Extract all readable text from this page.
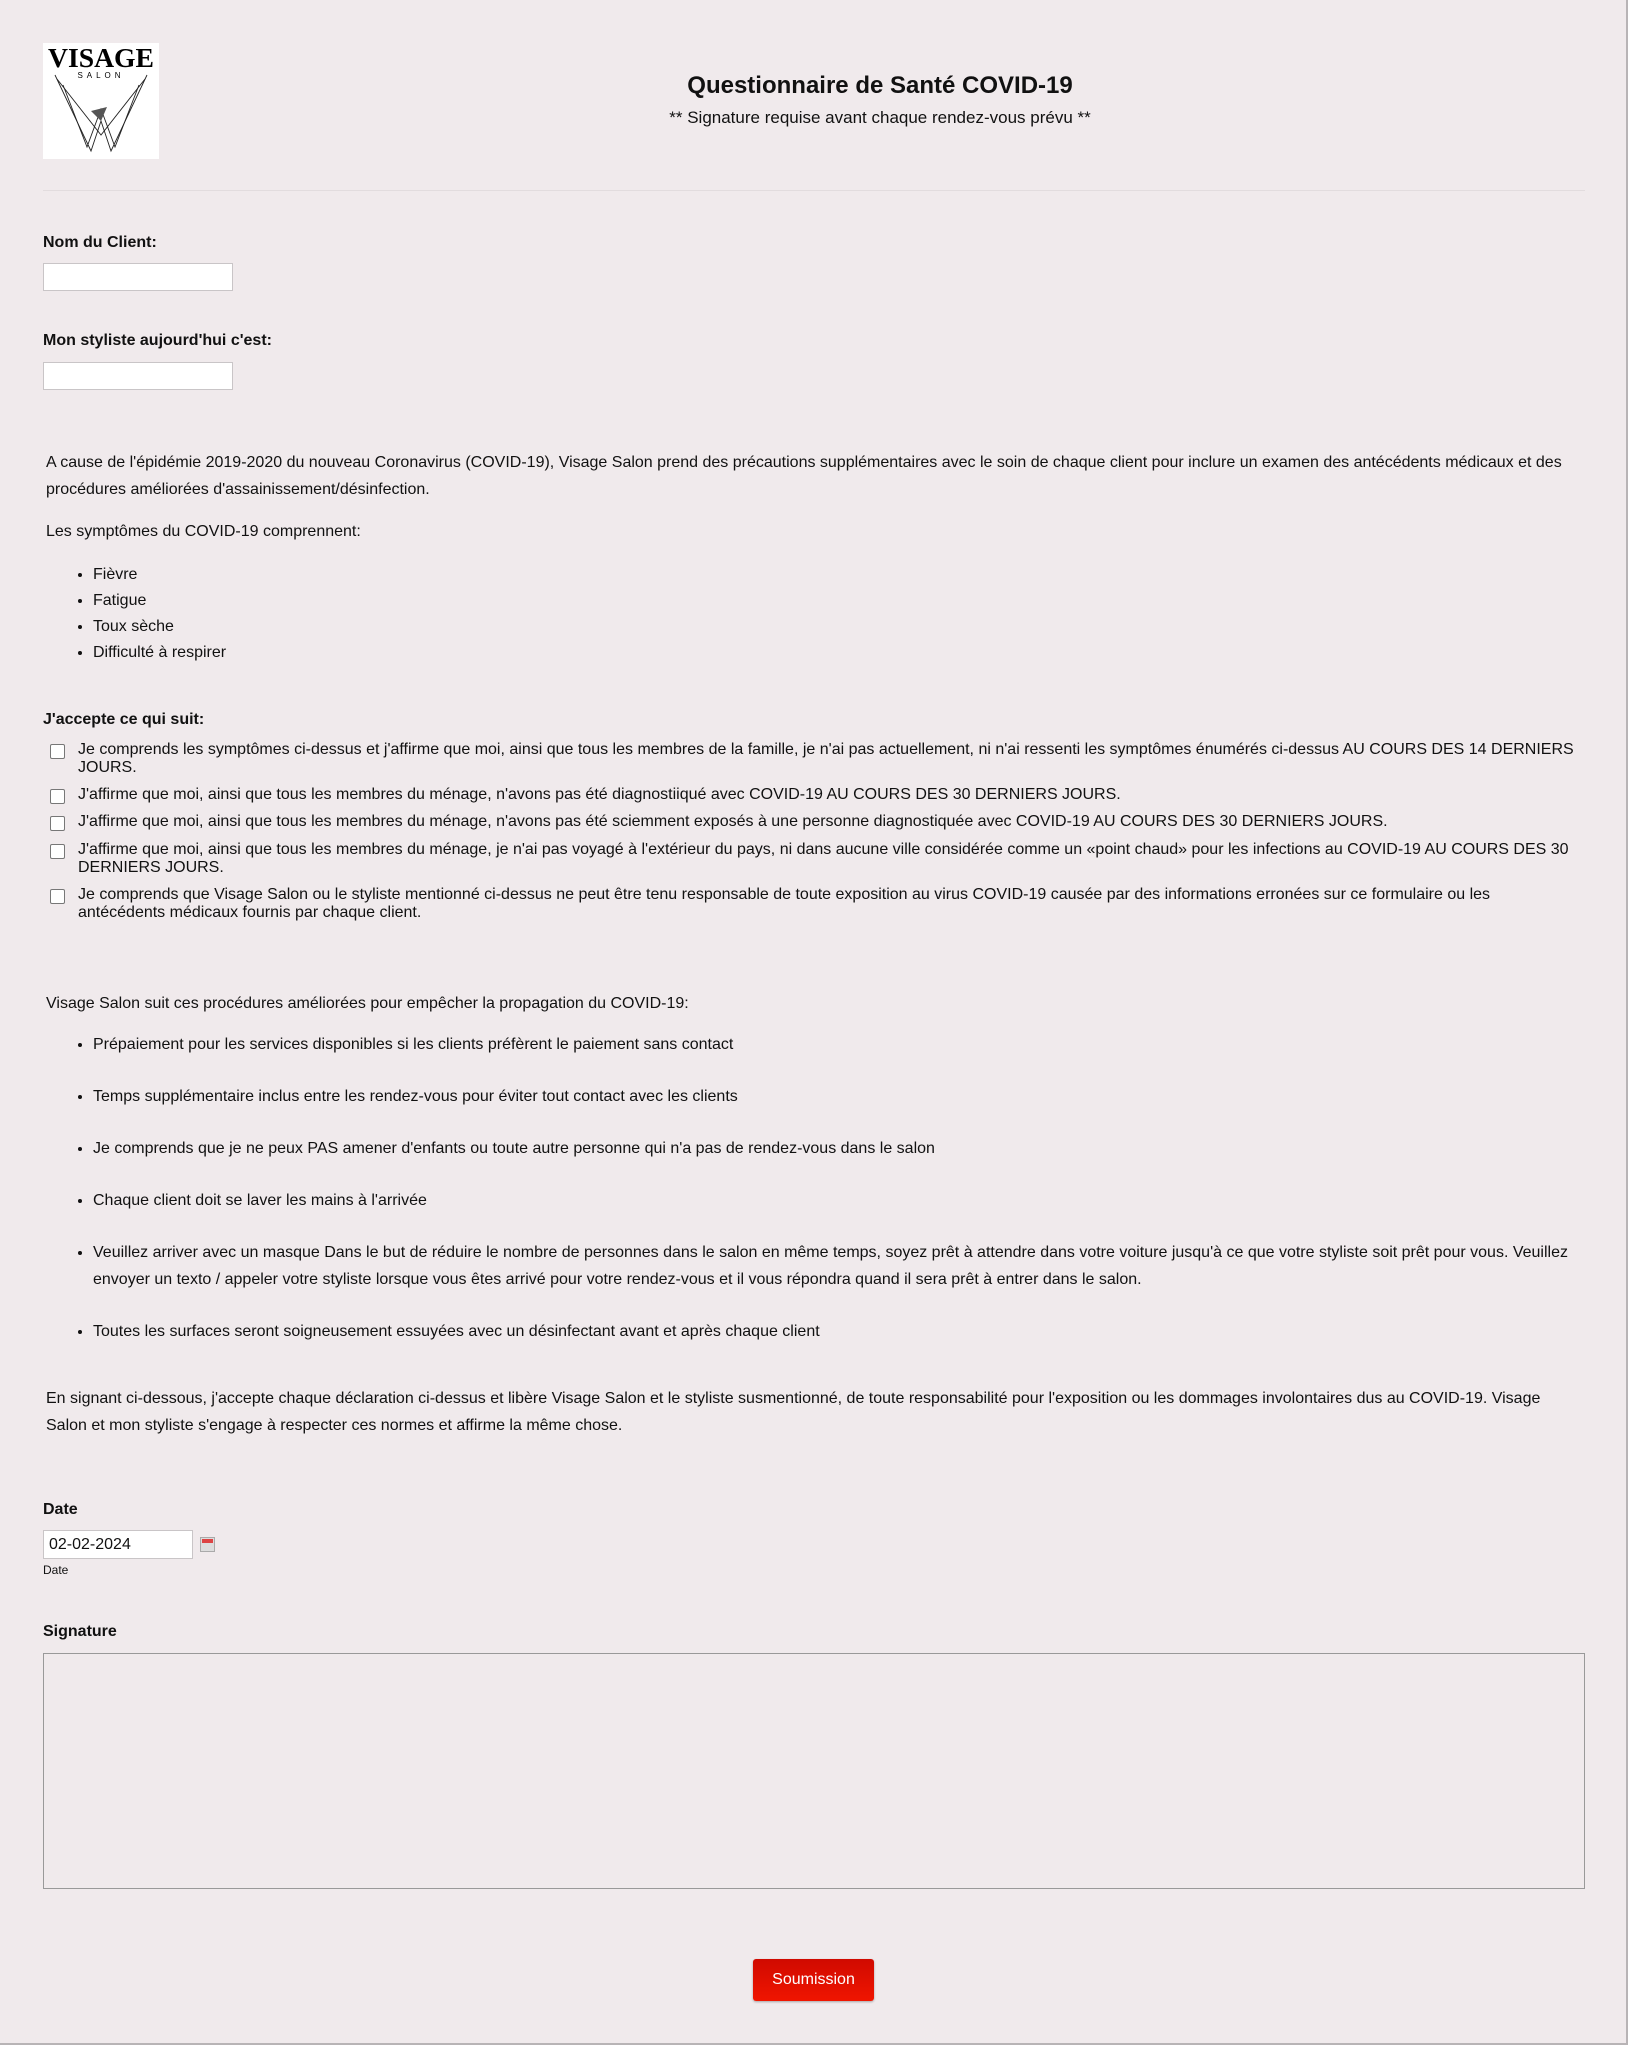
VISAGE
SALON	Questionnaire de Santé COVID-19
** Signature requise avant chaque rendez-vous prévu **
Nom du Client:
Mon styliste aujourd'hui c'est:
A cause de l'épidémie 2019-2020 du nouveau Coronavirus (COVID-19), Visage Salon prend des précautions supplémentaires avec le soin de chaque client pour inclure un examen des antécédents médicaux et des procédures améliorées d'assainissement/désinfection.
Les symptômes du COVID-19 comprennent:
• Fièvre
• Fatigue
• Toux sèche
• Difficulté à respirer
J'accepte ce qui suit:
Je comprends les symptômes ci-dessus et j'affirme que moi, ainsi que tous les membres de la famille, je n'ai pas actuellement, ni n'ai ressenti les symptômes énumérés ci-dessus AU COURS DES 14 DERNIERS JOURS.
J'affirme que moi, ainsi que tous les membres du ménage, n'avons pas été diagnostiiqué avec COVID-19 AU COURS DES 30 DERNIERS JOURS.
J'affirme que moi, ainsi que tous les membres du ménage, n'avons pas été sciemment exposés à une personne diagnostiquée avec COVID-19 AU COURS DES 30 DERNIERS JOURS.
J'affirme que moi, ainsi que tous les membres du ménage, je n'ai pas voyagé à l'extérieur du pays, ni dans aucune ville considérée comme un «point chaud» pour les infections au COVID-19 AU COURS DES 30 DERNIERS JOURS.
Je comprends que Visage Salon ou le styliste mentionné ci-dessus ne peut être tenu responsable de toute exposition au virus COVID-19 causée par des informations erronées sur ce formulaire ou les antécédents médicaux fournis par chaque client.
Visage Salon suit ces procédures améliorées pour empêcher la propagation du COVID-19:
• Prépaiement pour les services disponibles si les clients préfèrent le paiement sans contact
• Temps supplémentaire inclus entre les rendez-vous pour éviter tout contact avec les clients
• Je comprends que je ne peux PAS amener d'enfants ou toute autre personne qui n'a pas de rendez-vous dans le salon
• Chaque client doit se laver les mains à l'arrivée
• Veuillez arriver avec un masque Dans le but de réduire le nombre de personnes dans le salon en même temps, soyez prêt à attendre dans votre voiture jusqu'à ce que votre styliste soit prêt pour vous. Veuillez envoyer un texto / appeler votre styliste lorsque vous êtes arrivé pour votre rendez-vous et il vous répondra quand il sera prêt à entrer dans le salon.
• Toutes les surfaces seront soigneusement essuyées avec un désinfectant avant et après chaque client
En signant ci-dessous, j'accepte chaque déclaration ci-dessus et libère Visage Salon et le styliste susmentionné, de toute responsabilité pour l'exposition ou les dommages involontaires dus au COVID-19. Visage Salon et mon styliste s'engage à respecter ces normes et affirme la même chose.
Date
02-02-2024
Date
Signature
Soumission
